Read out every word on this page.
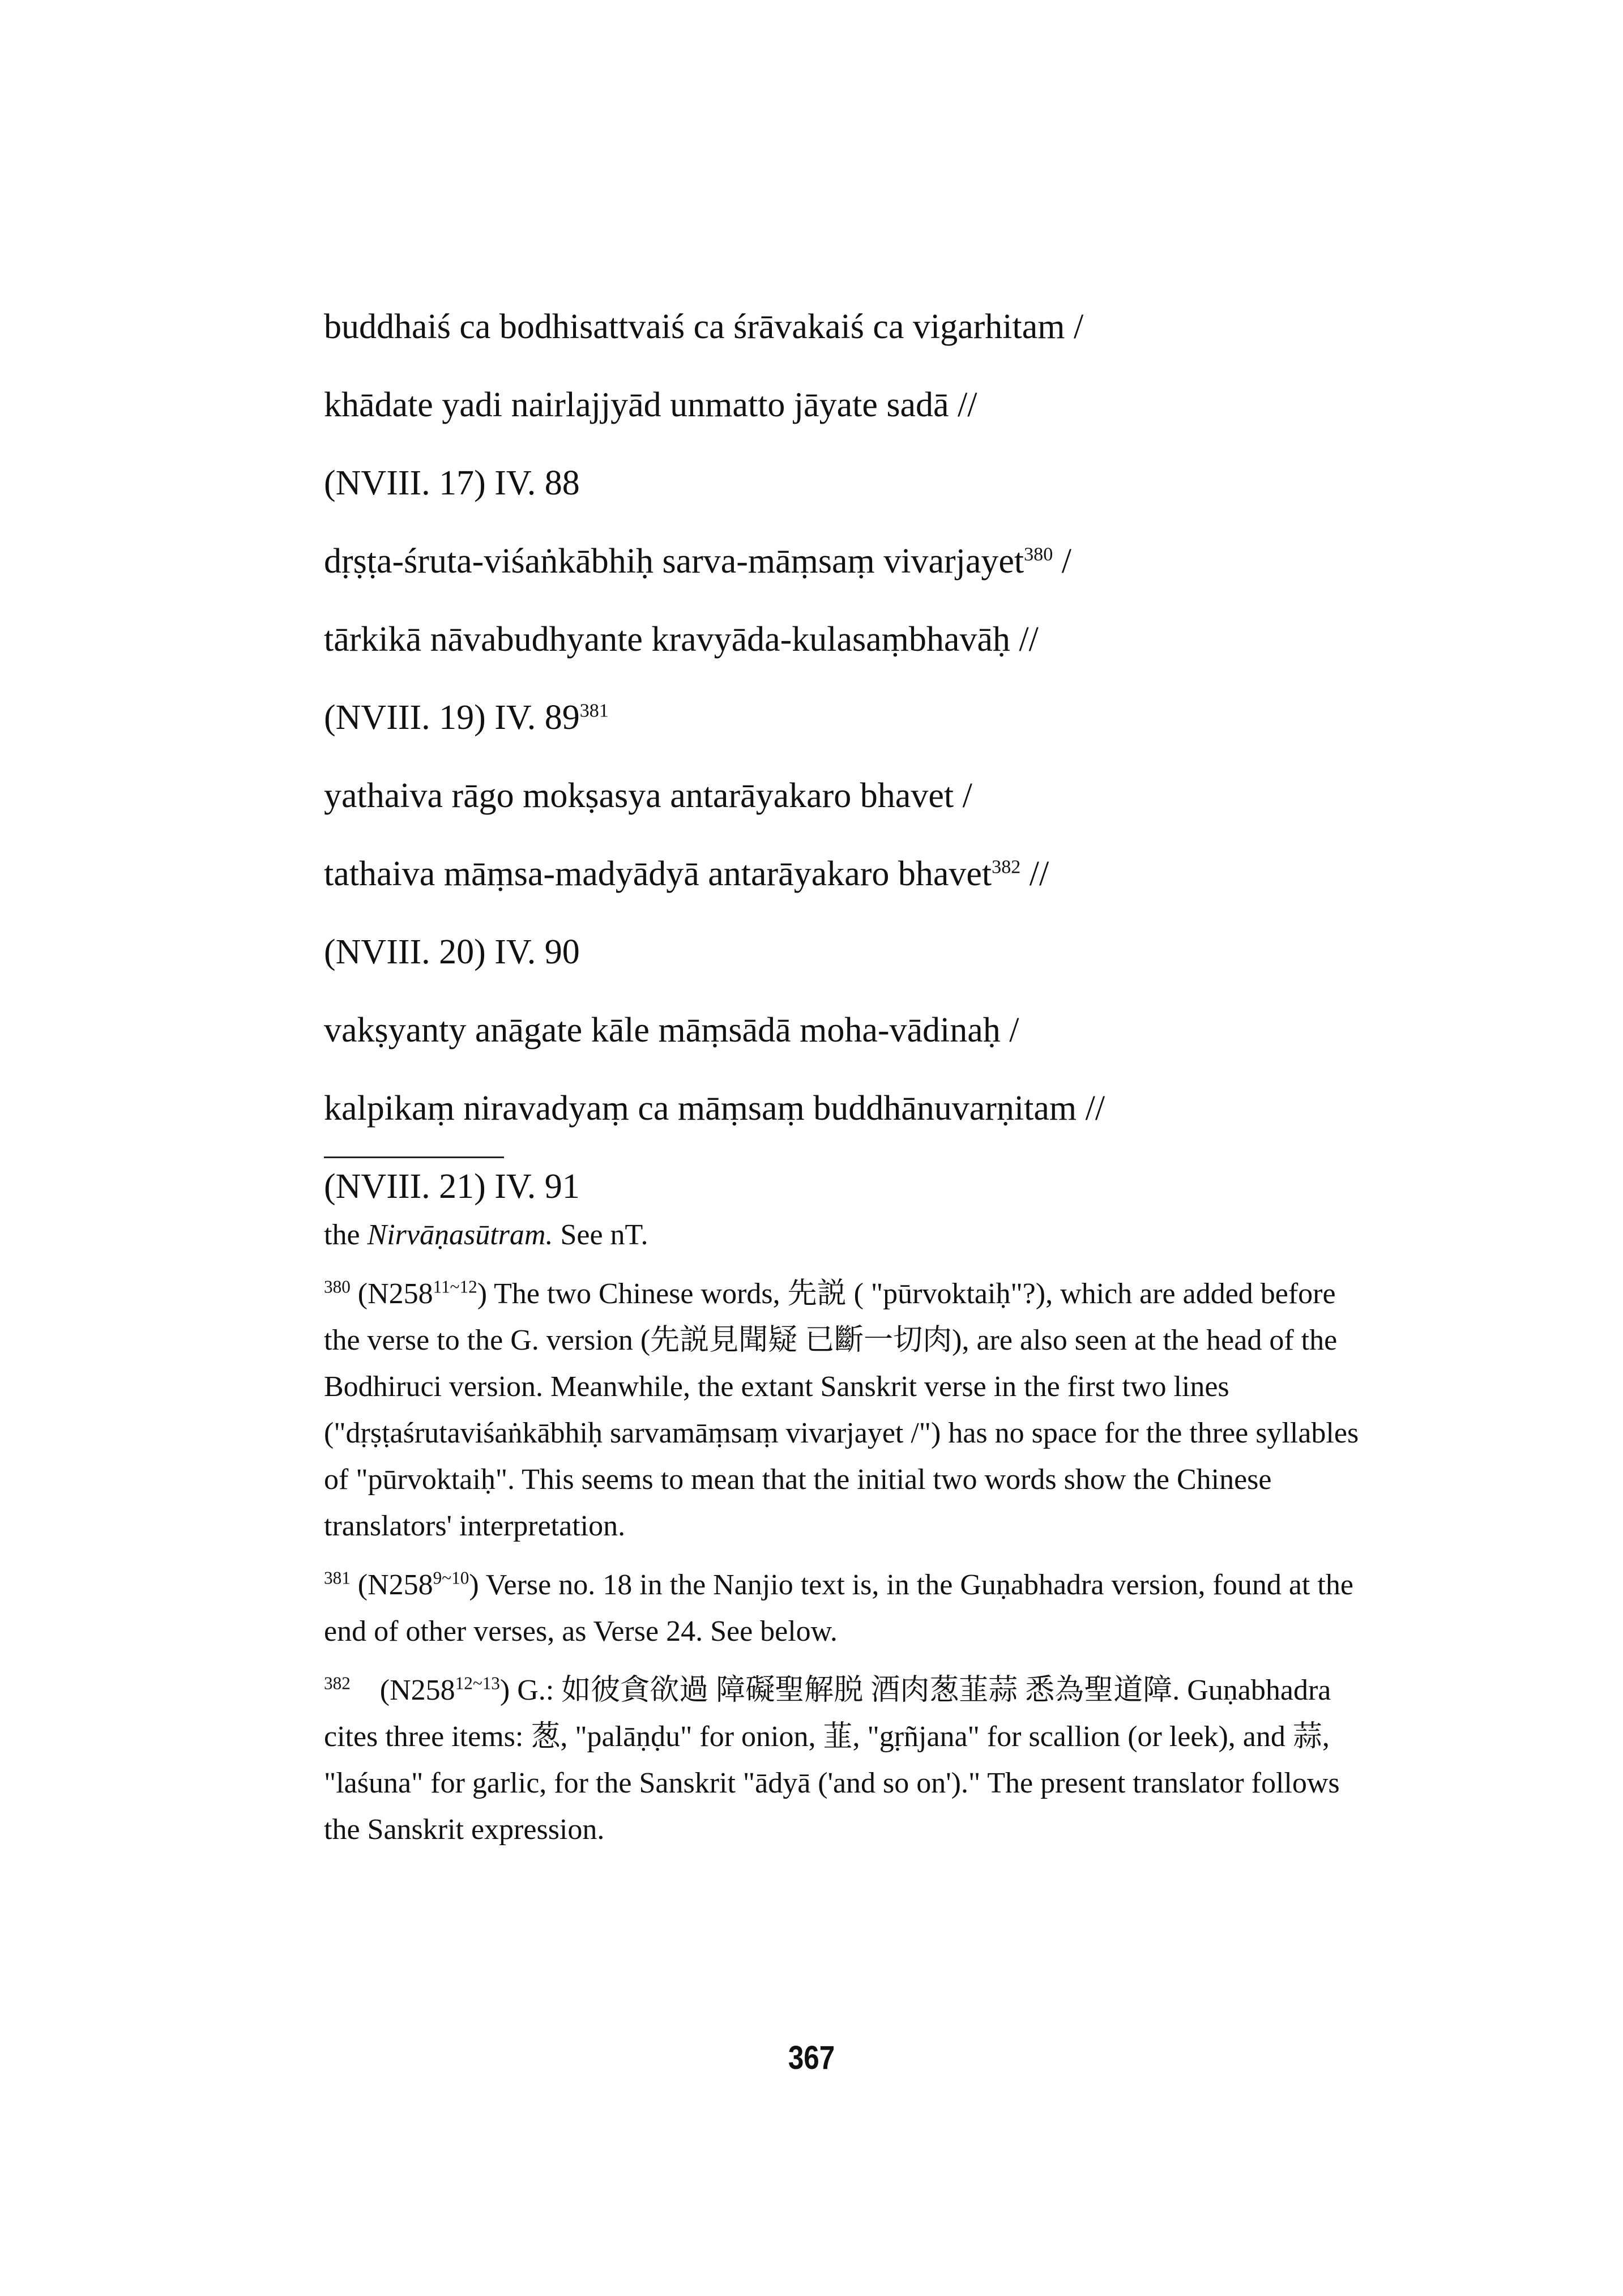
buddhaiś ca bodhisattvaiś ca śrāvakaiś ca vigarhitam /
khādate yadi nairlajjyād unmatto jāyate sadā //
(NVIII. 17) IV. 88
dṛṣṭa-śruta-viśaṅkābhiḥ sarva-māṃsaṃ vivarjayet$^{380}$ /
tārkikā nāvabudhyante kravyāda-kulasaṃbhavāḥ //
(NVIII. 19) IV. $89^{381}$
yathaiva rāgo mokṣasya antarāyakaro bhavet /
tathaiva māṃsa-madyādyā antarāyakaro bhavet$^{382}$ //
(NVIII. 20) IV. 90
vakṣyanty anāgate kāle māṃsādā moha-vādinaḥ /
kalpikaṃ niravadyaṃ ca māṃsaṃ buddhānuvarṇitam //
(NVIII. 21) IV. 91

the Nirvāṇasūtram. See nT.

$^{380}$ $(N258^{11\sim 12})$ The two Chinese words, 先説 ( "pūrvoktaiḥ"?), which are added before the verse to the G. version (先説見聞疑 已斷一切肉), are also seen at the head of the Bodhiruci version. Meanwhile, the extant Sanskrit verse in the first two lines ("dṛṣṭaśrutaviśaṅkābhiḥ sarvamāṃsaṃ vivarjayet /") has no space for the three syllables of "pūrvoktaiḥ". This seems to mean that the initial two words show the Chinese translators' interpretation.

$^{381}$ $(N258^{9\sim 10})$ Verse no. 18 in the Nanjio text is, in the Guṇabhadra version, found at the end of other verses, as Verse 24. See below.

$^{382}$ $(N258^{12\sim 13})$ G.: 如彼貪欲過 障礙聖解脱 酒肉葱韮蒜 悉為聖道障. Guṇabhadra cites three items: 葱, "palāṇḍu" for onion, 韮, "gṛñjana" for scallion (or leek), and 蒜, "laśuna" for garlic, for the Sanskrit "ādyā ('and so on')." The present translator follows the Sanskrit expression.

367
